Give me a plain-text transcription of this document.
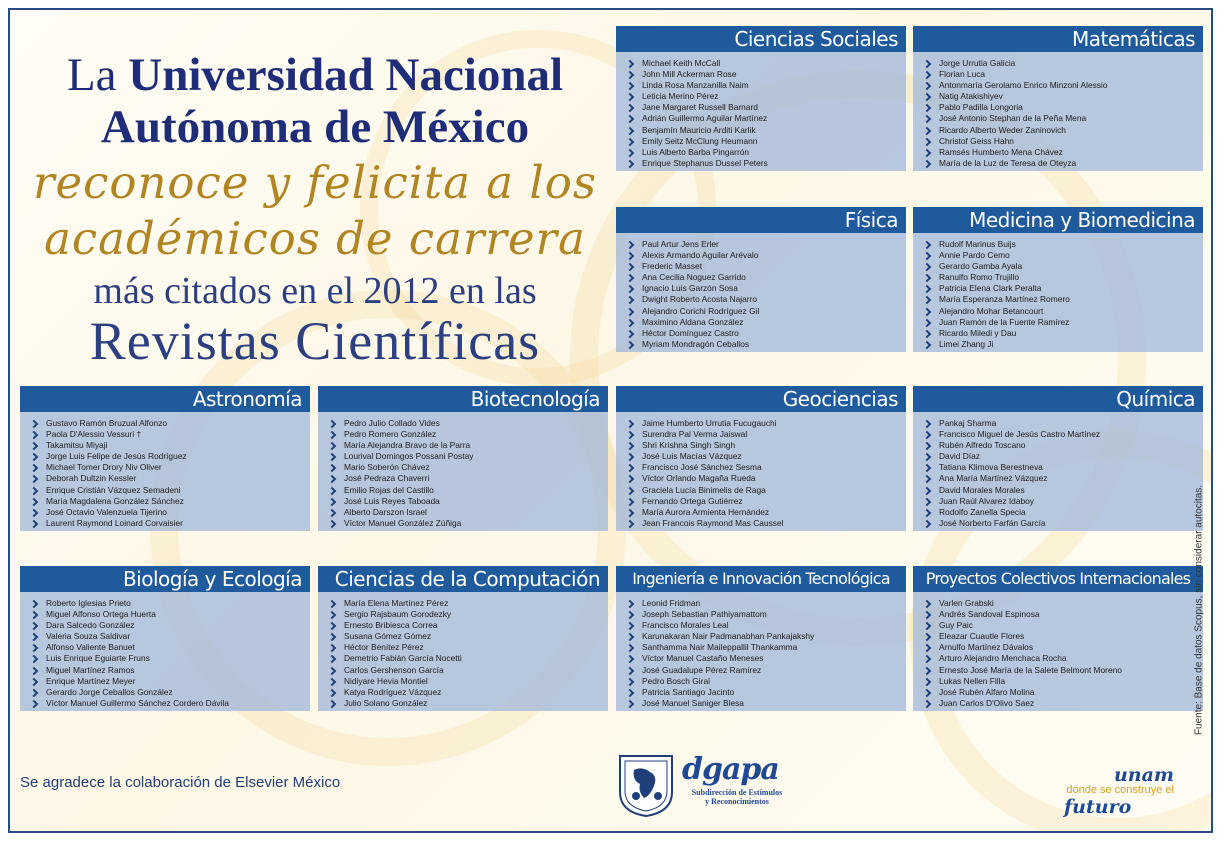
La Universidad Nacional
Autónoma de México
reconoce y felicita a los
académicos de carrera
más citados en el 2012 en las
Revistas Científicas
Ciencias Sociales
Michael Keith McCall
John Mill Ackerman Rose
Linda Rosa Manzanilla Naim
Leticia Merino Pérez
Jane Margaret Russell Barnard
Adrián Guillermo Aguilar Martínez
Benjamín Mauricio Arditi Karlik
Emily Seitz McClung Heumann
Luis Alberto Barba Pingarrón
Enrique Stephanus Dussel Peters
Matemáticas
Jorge Urrutia Galicia
Florian Luca
Antonmaría Gerolamo Enrico Minzoni Alessio
Natig Atakishiyev
Pablo Padilla Longoria
José Antonio Stephan de la Peña Mena
Ricardo Alberto Weder Zaninovich
Christof Geiss Hahn
Ramsés Humberto Mena Chávez
María de la Luz de Teresa de Oteyza
Física
Paul Artur Jens Erler
Alexis Armando Aguilar Arévalo
Frederic Masset
Ana Cecilia Noguez Garrido
Ignacio Luis Garzón Sosa
Dwight Roberto Acosta Najarro
Alejandro Corichi Rodríguez Gil
Maximino Aldana González
Héctor Domínguez Castro
Myriam Mondragón Ceballos
Medicina y Biomedicina
Rudolf Marinus Buijs
Annie Pardo Cemo
Gerardo Gamba Ayala
Ranulfo Romo Trujillo
Patricia Elena Clark Peralta
María Esperanza Martínez Romero
Alejandro Mohar Betancourt
Juan Ramón de la Fuente Ramírez
Ricardo Miledi y Dau
Limei Zhang Ji
Astronomía
Gustavo Ramón Bruzual Alfonzo
Paola D'Alessio Vessuri †
Takamitsu Miyaji
Jorge Luis Felipe de Jesús Rodríguez
Michael Tomer Drory Niv Oliver
Deborah Dultzin Kessler
Enrique Cristián Vázquez Semadeni
María Magdalena González Sánchez
José Octavio Valenzuela Tijerino
Laurent Raymond Loinard Corvaisier
Biotecnología
Pedro Julio Collado Vides
Pedro Romero González
María Alejandra Bravo de la Parra
Lourival Domingos Possani Postay
Mario Soberón Chávez
José Pedraza Chaverri
Emilio Rojas del Castillo
José Luis Reyes Taboada
Alberto Darszon Israel
Víctor Manuel González Zúñiga
Geociencias
Jaime Humberto Urrutia Fucugauchi
Surendra Pal Verma Jaiswal
Shri Krishna Singh Singh
José Luis Macías Vázquez
Francisco José Sánchez Sesma
Víctor Orlando Magaña Rueda
Graciela Lucía Binimelis de Raga
Fernando Ortega Gutiérrez
María Aurora Armienta Hernández
Jean Francois Raymond Mas Caussel
Química
Pankaj Sharma
Francisco Miguel de Jesús Castro Martínez
Rubén Alfredo Toscano
David Díaz
Tatiana Klimova Berestneva
Ana María Martínez Vázquez
David Morales Morales
Juan Raúl Alvarez Idaboy
Rodolfo Zanella Specia
José Norberto Farfán García
Biología y Ecología
Roberto Iglesias Prieto
Miguel Alfonso Ortega Huerta
Dara Salcedo González
Valeria Souza Saldivar
Alfonso Valiente Banuet
Luis Enrique Eguiarte Fruns
Miguel Martínez Ramos
Enrique Martínez Meyer
Gerardo Jorge Ceballos González
Víctor Manuel Guillermo Sánchez Cordero Dávila
Ciencias de la Computación
María Elena Martínez Pérez
Sergio Rajsbaum Gorodezky
Ernesto Bribiesca Correa
Susana Gómez Gómez
Héctor Benítez Pérez
Demetrio Fabián García Nocetti
Carlos Gershenson García
Nidiyare Hevia Montiel
Katya Rodríguez Vázquez
Julio Solano González
Ingeniería e Innovación Tecnológica
Leonid Fridman
Joseph Sebastian Pathiyamattom
Francisco Morales Leal
Karunakaran Nair Padmanabhan Pankajakshy
Santhamma Nair Maileppallil Thankamma
Víctor Manuel Castaño Meneses
José Guadalupe Pérez Ramírez
Pedro Bosch Giral
Patricia Santiago Jacinto
José Manuel Saniger Blesa
Proyectos Colectivos Internacionales
Varlen Grabski
Andrés Sandoval Espinosa
Guy Paic
Eleazar Cuautle Flores
Arnulfo Martínez Dávalos
Arturo Alejandro Menchaca Rocha
Ernesto José María de la Salete Belmont Moreno
Lukas Nellen Filla
José Rubén Alfaro Molina
Juan Carlos D'Olivo Saez
Se agradece la colaboración de Elsevier México	dgapa
Subdirección de Estímulos
y Reconocimientos
unam
donde se construye el
futuro
Fuente: Base de datos Scopus, sin considerar autocitas.
